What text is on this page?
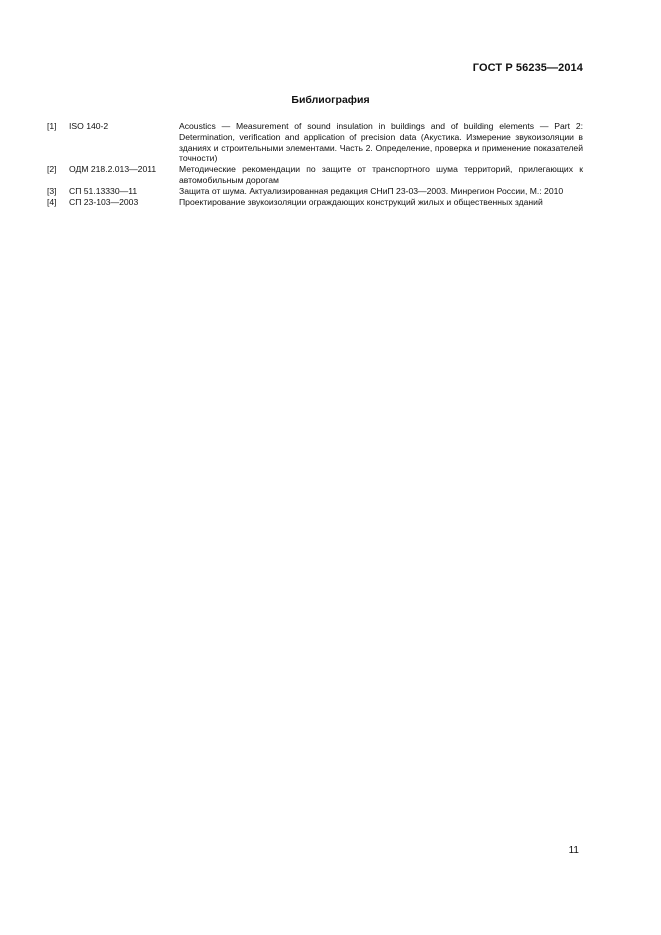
ГОСТ Р 56235—2014
Библиография
[1]	ISO 140-2	Acoustics — Measurement of sound insulation in buildings and of building elements — Part 2: Determination, verification and application of precision data (Акустика. Измерение звукоизоляции в зданиях и строительными элементами. Часть 2. Определение, проверка и применение показателей точности)
[2]	ОДМ 218.2.013—2011	Методические рекомендации по защите от транспортного шума территорий, прилегающих к автомобильным дорогам
[3]	СП 51.13330—11	Защита от шума. Актуализированная редакция СНиП 23-03—2003. Минрегион России, М.: 2010
[4]	СП 23-103—2003	Проектирование звукоизоляции ограждающих конструкций жилых и общественных зданий
11
